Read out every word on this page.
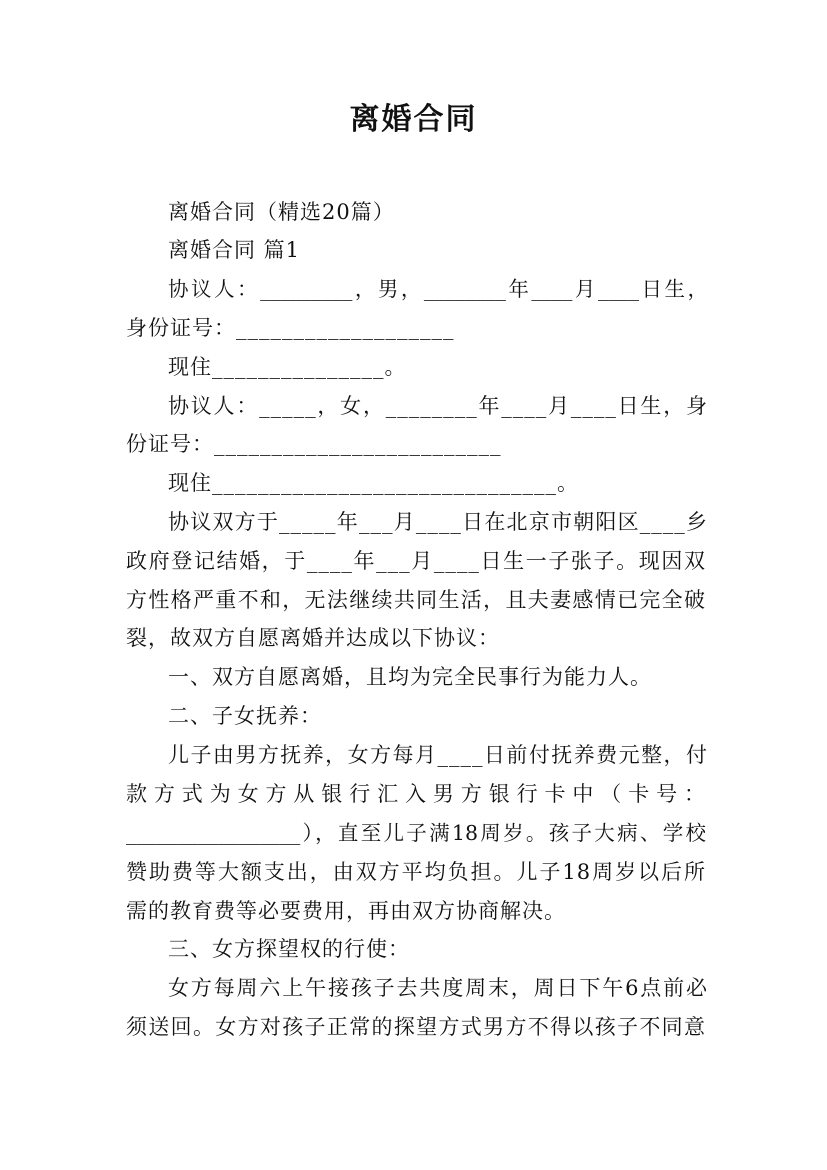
离婚合同
离婚合同（精选20篇）
离婚合同 篇1
协议人：_________，男，________年____月____日生，
身份证号：___________________
现住_______________。
协议人：_____，女，________年____月____日生，身
份证号：_________________________
现住______________________________。
协议双方于_____年___月____日在北京市朝阳区____乡
政府登记结婚，于____年___月____日生一子张子。现因双
方性格严重不和，无法继续共同生活，且夫妻感情已完全破
裂，故双方自愿离婚并达成以下协议：
一、双方自愿离婚，且均为完全民事行为能力人。
二、子女抚养：
儿子由男方抚养，女方每月____日前付抚养费元整，付
款方式为女方从银行汇入男方银行卡中（卡号：
_________________），直至儿子满18周岁。孩子大病、学校
赞助费等大额支出，由双方平均负担。儿子18周岁以后所
需的教育费等必要费用，再由双方协商解决。
三、女方探望权的行使：
女方每周六上午接孩子去共度周末，周日下午6点前必
须送回。女方对孩子正常的探望方式男方不得以孩子不同意
